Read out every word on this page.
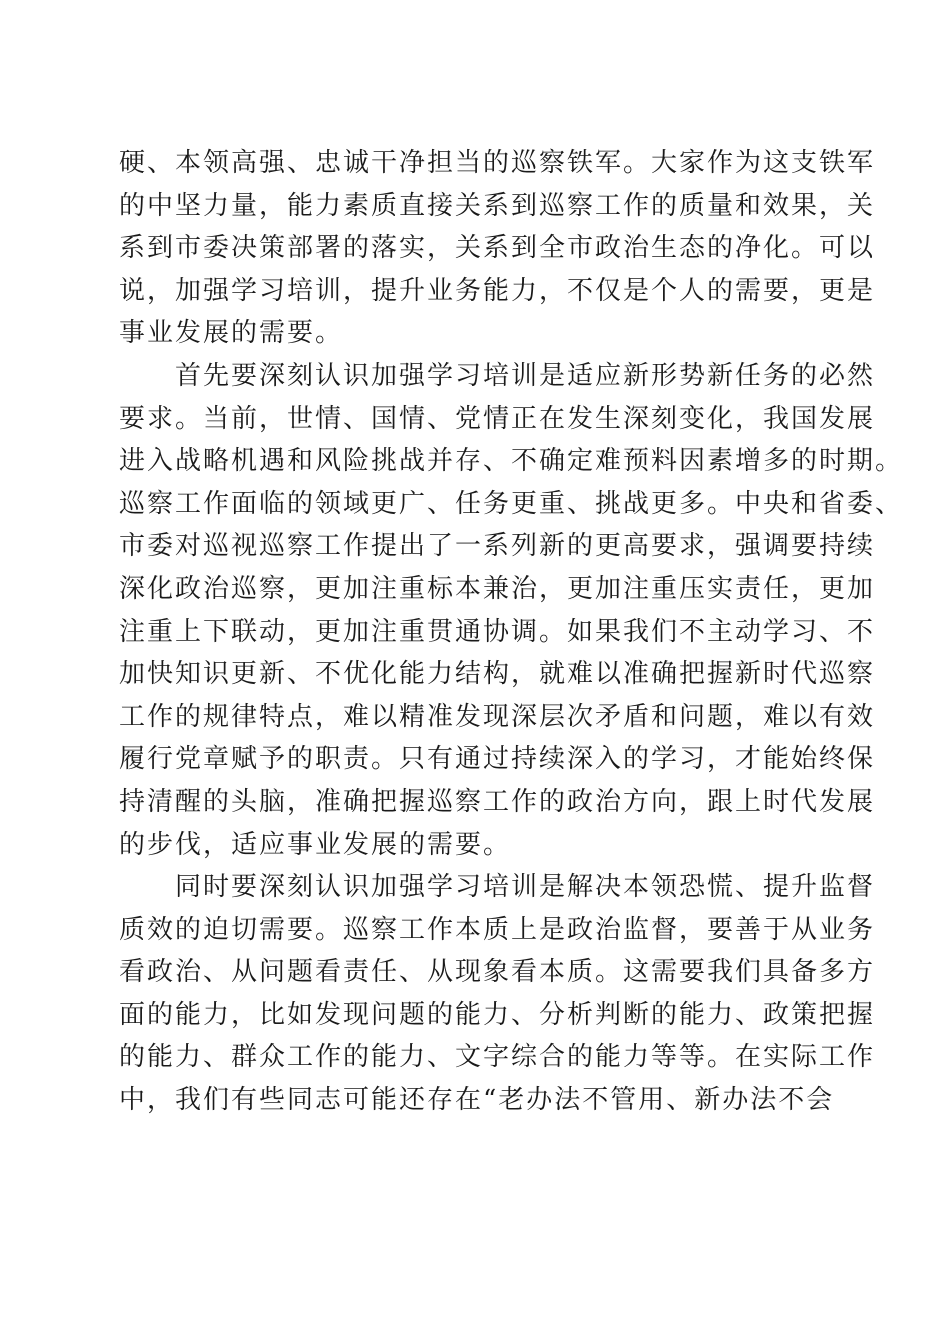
硬、本领高强、忠诚干净担当的巡察铁军。大家作为这支铁军
的中坚力量，能力素质直接关系到巡察工作的质量和效果，关
系到市委决策部署的落实，关系到全市政治生态的净化。可以
说，加强学习培训，提升业务能力，不仅是个人的需要，更是
事业发展的需要。
首先要深刻认识加强学习培训是适应新形势新任务的必然
要求。当前，世情、国情、党情正在发生深刻变化，我国发展
进入战略机遇和风险挑战并存、不确定难预料因素增多的时期。
巡察工作面临的领域更广、任务更重、挑战更多。中央和省委、
市委对巡视巡察工作提出了一系列新的更高要求，强调要持续
深化政治巡察，更加注重标本兼治，更加注重压实责任，更加
注重上下联动，更加注重贯通协调。如果我们不主动学习、不
加快知识更新、不优化能力结构，就难以准确把握新时代巡察
工作的规律特点，难以精准发现深层次矛盾和问题，难以有效
履行党章赋予的职责。只有通过持续深入的学习，才能始终保
持清醒的头脑，准确把握巡察工作的政治方向，跟上时代发展
的步伐，适应事业发展的需要。
同时要深刻认识加强学习培训是解决本领恐慌、提升监督
质效的迫切需要。巡察工作本质上是政治监督，要善于从业务
看政治、从问题看责任、从现象看本质。这需要我们具备多方
面的能力，比如发现问题的能力、分析判断的能力、政策把握
的能力、群众工作的能力、文字综合的能力等等。在实际工作
中，我们有些同志可能还存在“老办法不管用、新办法不会
